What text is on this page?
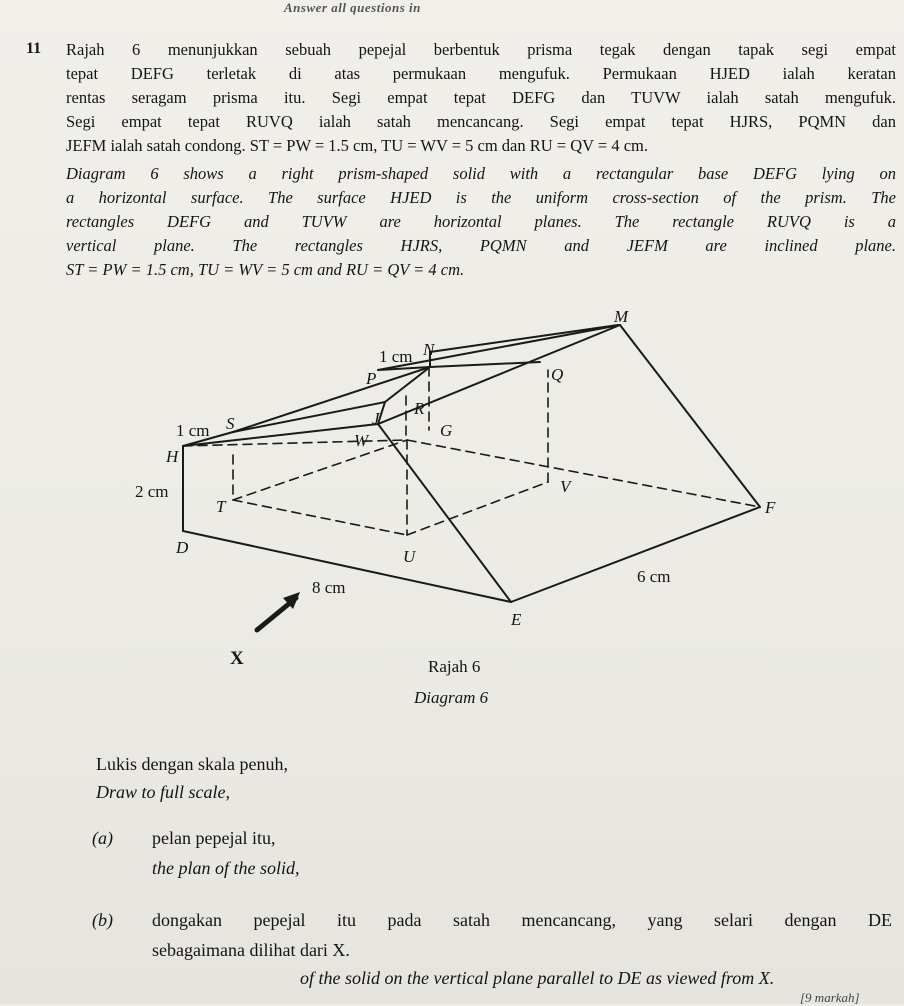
Answer all questions in
11 Rajah 6 menunjukkan sebuah pepejal berbentuk prisma tegak dengan tapak segi empat
tepat DEFG terletak di atas permukaan mengufuk. Permukaan HJED ialah keratan
rentas seragam prisma itu. Segi empat tepat DEFG dan TUVW ialah satah mengufuk.
Segi empat tepat RUVQ ialah satah mencancang. Segi empat tepat HJRS, PQMN dan
JEFM ialah satah condong. ST = PW = 1.5 cm, TU = WV = 5 cm dan RU = QV = 4 cm.
Diagram 6 shows a right prism-shaped solid with a rectangular base DEFG lying on
a horizontal surface. The surface HJED is the uniform cross-section of the prism. The
rectangles DEFG and TUVW are horizontal planes. The rectangle RUVQ is a
vertical plane. The rectangles HJRS, PQMN and JEFM are inclined plane.
ST = PW = 1.5 cm, TU = WV = 5 cm and RU = QV = 4 cm.
M
N
P	Q
R
J
G
W
S
H
T
V
F
D	U
E
1 cm
1 cm
2 cm
8 cm
6 cm
X	Rajah 6
Diagram 6
Lukis dengan skala penuh,
Draw to full scale,
(a) pelan pepejal itu,
the plan of the solid,
(b) dongakan pepejal itu pada satah mencancang, yang selari dengan DE
sebagaimana dilihat dari X.
of the solid on the vertical plane parallel to DE as viewed from X.
[9 markah]
